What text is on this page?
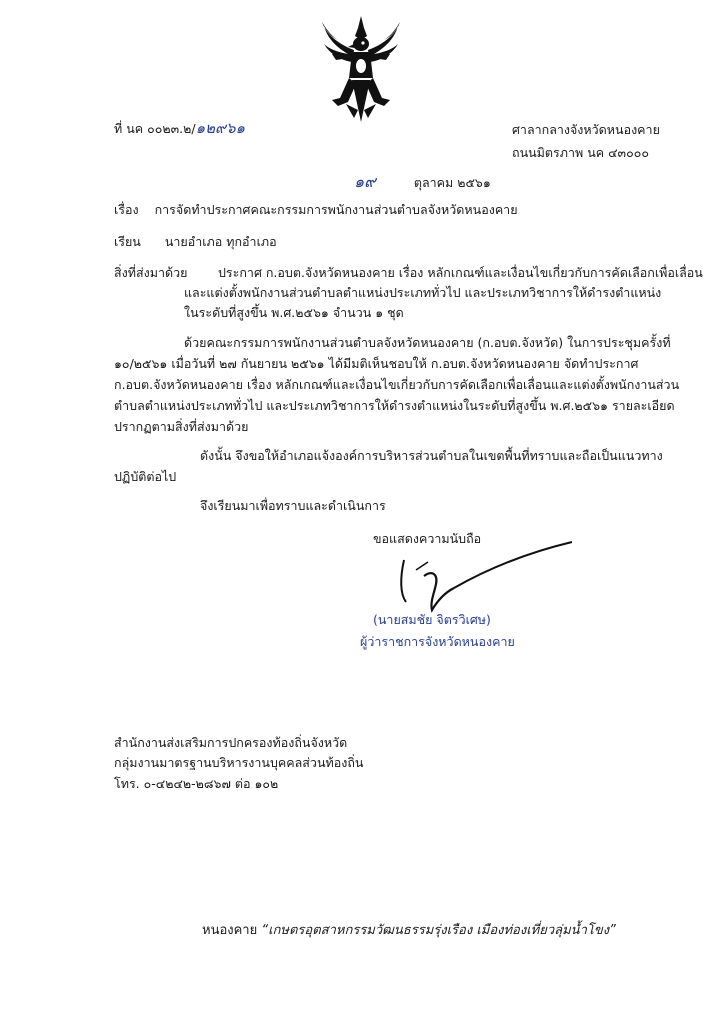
ที่ นค ๐๐๒๓.๒/๑๒๙๖๑	ศาลากลางจังหวัดหนองคาย
ถนนมิตรภาพ นค ๔๓๐๐๐
๑๙	ตุลาคม ๒๕๖๑
เรื่อง การจัดทำประกาศคณะกรรมการพนักงานส่วนตำบลจังหวัดหนองคาย
เรียน นายอำเภอ ทุกอำเภอ
สิ่งที่ส่งมาด้วย ประกาศ ก.อบต.จังหวัดหนองคาย เรื่อง หลักเกณฑ์และเงื่อนไขเกี่ยวกับการคัดเลือกเพื่อเลื่อน
และแต่งตั้งพนักงานส่วนตำบลตำแหน่งประเภททั่วไป และประเภทวิชาการให้ดำรงตำแหน่ง
ในระดับที่สูงขึ้น พ.ศ.๒๕๖๑ จำนวน ๑ ชุด
ด้วยคณะกรรมการพนักงานส่วนตำบลจังหวัดหนองคาย (ก.อบต.จังหวัด) ในการประชุมครั้งที่
๑๐/๒๕๖๑ เมื่อวันที่ ๒๗ กันยายน ๒๕๖๑ ได้มีมติเห็นชอบให้ ก.อบต.จังหวัดหนองคาย จัดทำประกาศ
ก.อบต.จังหวัดหนองคาย เรื่อง หลักเกณฑ์และเงื่อนไขเกี่ยวกับการคัดเลือกเพื่อเลื่อนและแต่งตั้งพนักงานส่วน
ตำบลตำแหน่งประเภททั่วไป และประเภทวิชาการให้ดำรงตำแหน่งในระดับที่สูงขึ้น พ.ศ.๒๕๖๑ รายละเอียด
ปรากฏตามสิ่งที่ส่งมาด้วย
ดังนั้น จึงขอให้อำเภอแจ้งองค์การบริหารส่วนตำบลในเขตพื้นที่ทราบและถือเป็นแนวทาง
ปฏิบัติต่อไป
จึงเรียนมาเพื่อทราบและดำเนินการ
ขอแสดงความนับถือ
(นายสมชัย จิตรวิเศษ)
ผู้ว่าราชการจังหวัดหนองคาย
สำนักงานส่งเสริมการปกครองท้องถิ่นจังหวัด
กลุ่มงานมาตรฐานบริหารงานบุคคลส่วนท้องถิ่น
โทร. ๐-๔๒๔๒-๒๘๖๗ ต่อ ๑๐๒
หนองคาย “เกษตรอุตสาหกรรมวัฒนธรรมรุ่งเรือง เมืองท่องเที่ยวลุ่มน้ำโขง”
